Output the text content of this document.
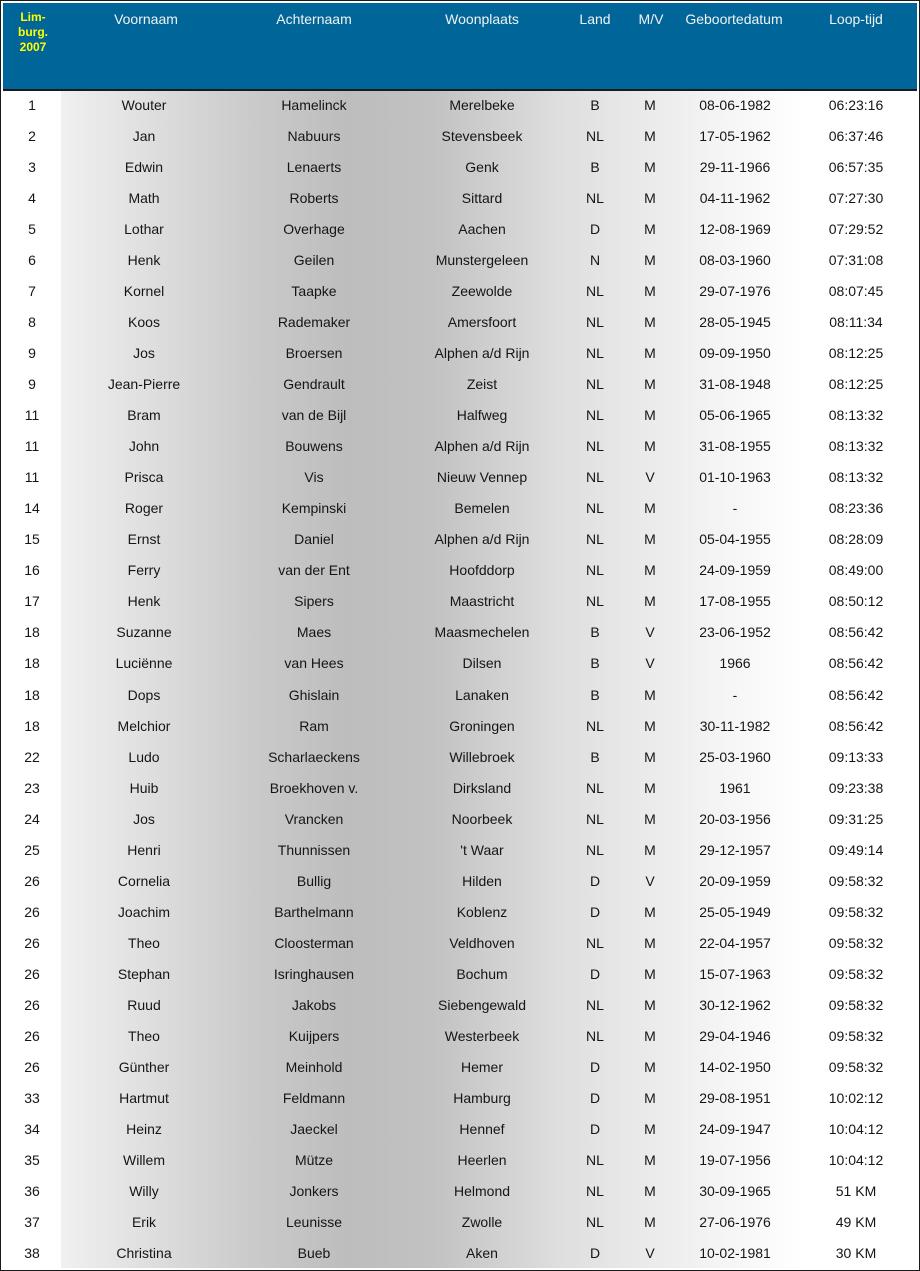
Lim-
burg.
2007
Voornaam	Achternaam	Woonplaats	Land	M/V	Geboortedatum	Loop-tijd
1	Wouter	Hamelinck	Merelbeke	B	M	08-06-1982	06:23:16
2	Jan	Nabuurs	Stevensbeek	NL	M	17-05-1962	06:37:46
3	Edwin	Lenaerts	Genk	B	M	29-11-1966	06:57:35
4	Math	Roberts	Sittard	NL	M	04-11-1962	07:27:30
5	Lothar	Overhage	Aachen	D	M	12-08-1969	07:29:52
6	Henk	Geilen	Munstergeleen	N	M	08-03-1960	07:31:08
7	Kornel	Taapke	Zeewolde	NL	M	29-07-1976	08:07:45
8	Koos	Rademaker	Amersfoort	NL	M	28-05-1945	08:11:34
9	Jos	Broersen	Alphen a/d Rijn	NL	M	09-09-1950	08:12:25
9	Jean-Pierre	Gendrault	Zeist	NL	M	31-08-1948	08:12:25
11	Bram	van de Bijl	Halfweg	NL	M	05-06-1965	08:13:32
11	John	Bouwens	Alphen a/d Rijn	NL	M	31-08-1955	08:13:32
11	Prisca	Vis	Nieuw Vennep	NL	V	01-10-1963	08:13:32
14	Roger	Kempinski	Bemelen	NL	M	-	08:23:36
15	Ernst	Daniel	Alphen a/d Rijn	NL	M	05-04-1955	08:28:09
16	Ferry	van der Ent	Hoofddorp	NL	M	24-09-1959	08:49:00
17	Henk	Sipers	Maastricht	NL	M	17-08-1955	08:50:12
18	Suzanne	Maes	Maasmechelen	B	V	23-06-1952	08:56:42
18	Luciënne	van Hees	Dilsen	B	V	1966	08:56:42
18	Dops	Ghislain	Lanaken	B	M	-	08:56:42
18	Melchior	Ram	Groningen	NL	M	30-11-1982	08:56:42
22	Ludo	Scharlaeckens	Willebroek	B	M	25-03-1960	09:13:33
23	Huib	Broekhoven v.	Dirksland	NL	M	1961	09:23:38
24	Jos	Vrancken	Noorbeek	NL	M	20-03-1956	09:31:25
25	Henri	Thunnissen	't Waar	NL	M	29-12-1957	09:49:14
26	Cornelia	Bullig	Hilden	D	V	20-09-1959	09:58:32
26	Joachim	Barthelmann	Koblenz	D	M	25-05-1949	09:58:32
26	Theo	Cloosterman	Veldhoven	NL	M	22-04-1957	09:58:32
26	Stephan	Isringhausen	Bochum	D	M	15-07-1963	09:58:32
26	Ruud	Jakobs	Siebengewald	NL	M	30-12-1962	09:58:32
26	Theo	Kuijpers	Westerbeek	NL	M	29-04-1946	09:58:32
26	Günther	Meinhold	Hemer	D	M	14-02-1950	09:58:32
33	Hartmut	Feldmann	Hamburg	D	M	29-08-1951	10:02:12
34	Heinz	Jaeckel	Hennef	D	M	24-09-1947	10:04:12
35	Willem	Mütze	Heerlen	NL	M	19-07-1956	10:04:12
36	Willy	Jonkers	Helmond	NL	M	30-09-1965	51 KM
37	Erik	Leunisse	Zwolle	NL	M	27-06-1976	49 KM
38	Christina	Bueb	Aken	D	V	10-02-1981	30 KM
